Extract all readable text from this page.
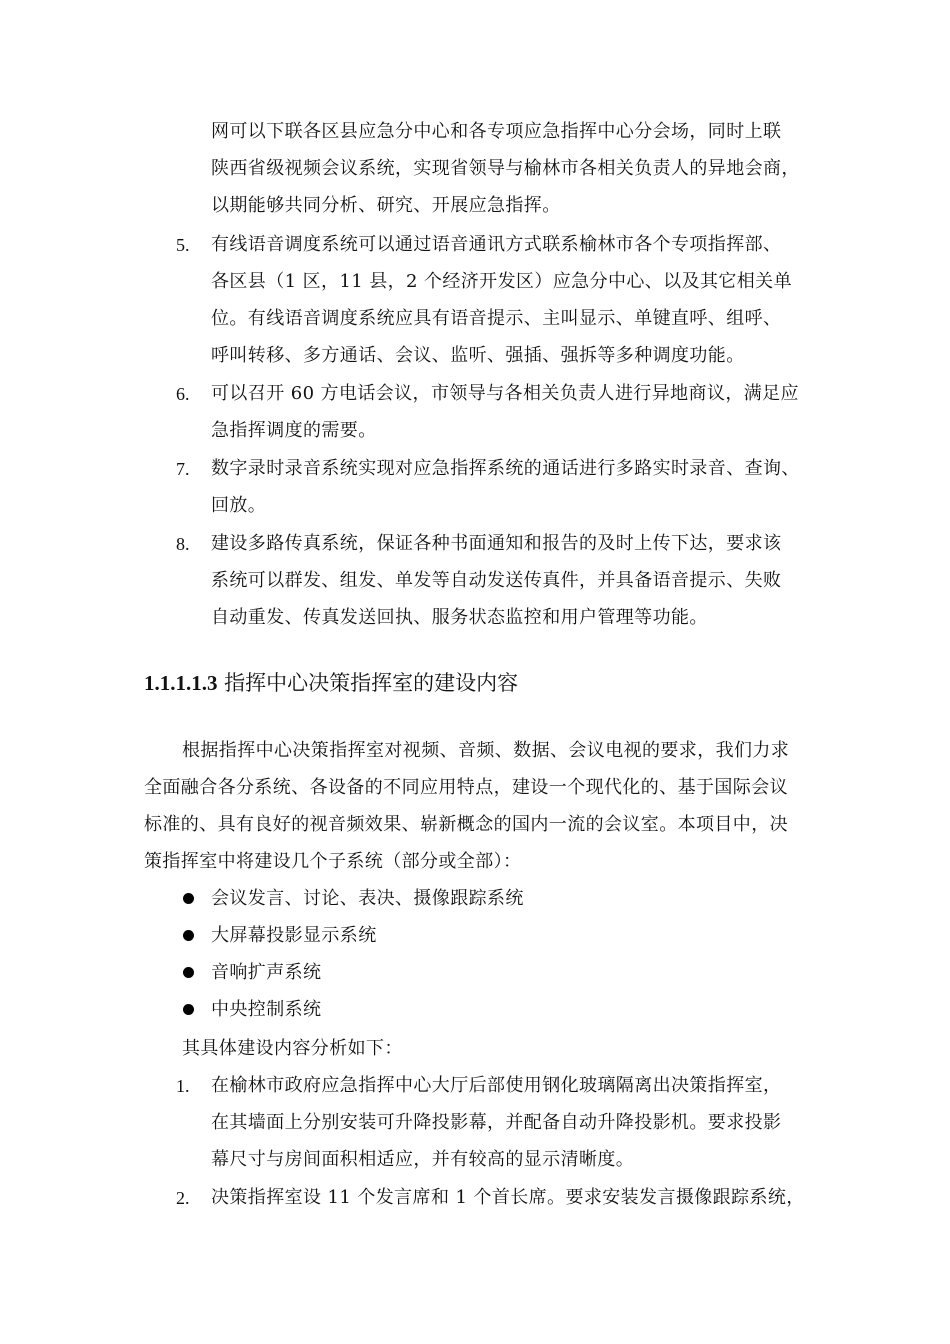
网可以下联各区县应急分中心和各专项应急指挥中心分会场，同时上联
陕西省级视频会议系统，实现省领导与榆林市各相关负责人的异地会商，
以期能够共同分析、研究、开展应急指挥。
5. 有线语音调度系统可以通过语音通讯方式联系榆林市各个专项指挥部、
各区县（1 区，11 县，2 个经济开发区）应急分中心、以及其它相关单
位。有线语音调度系统应具有语音提示、主叫显示、单键直呼、组呼、
呼叫转移、多方通话、会议、监听、强插、强拆等多种调度功能。
6. 可以召开 60 方电话会议，市领导与各相关负责人进行异地商议，满足应
急指挥调度的需要。
7. 数字录时录音系统实现对应急指挥系统的通话进行多路实时录音、查询、
回放。
8. 建设多路传真系统，保证各种书面通知和报告的及时上传下达，要求该
系统可以群发、组发、单发等自动发送传真件，并具备语音提示、失败
自动重发、传真发送回执、服务状态监控和用户管理等功能。
1.1.1.1.3 指挥中心决策指挥室的建设内容
根据指挥中心决策指挥室对视频、音频、数据、会议电视的要求，我们力求
全面融合各分系统、各设备的不同应用特点，建设一个现代化的、基于国际会议
标准的、具有良好的视音频效果、崭新概念的国内一流的会议室。本项目中，决
策指挥室中将建设几个子系统（部分或全部）：
会议发言、讨论、表决、摄像跟踪系统
大屏幕投影显示系统
音响扩声系统
中央控制系统
其具体建设内容分析如下：
1. 在榆林市政府应急指挥中心大厅后部使用钢化玻璃隔离出决策指挥室，
在其墙面上分别安装可升降投影幕，并配备自动升降投影机。要求投影
幕尺寸与房间面积相适应，并有较高的显示清晰度。
2. 决策指挥室设 11 个发言席和 1 个首长席。要求安装发言摄像跟踪系统，
